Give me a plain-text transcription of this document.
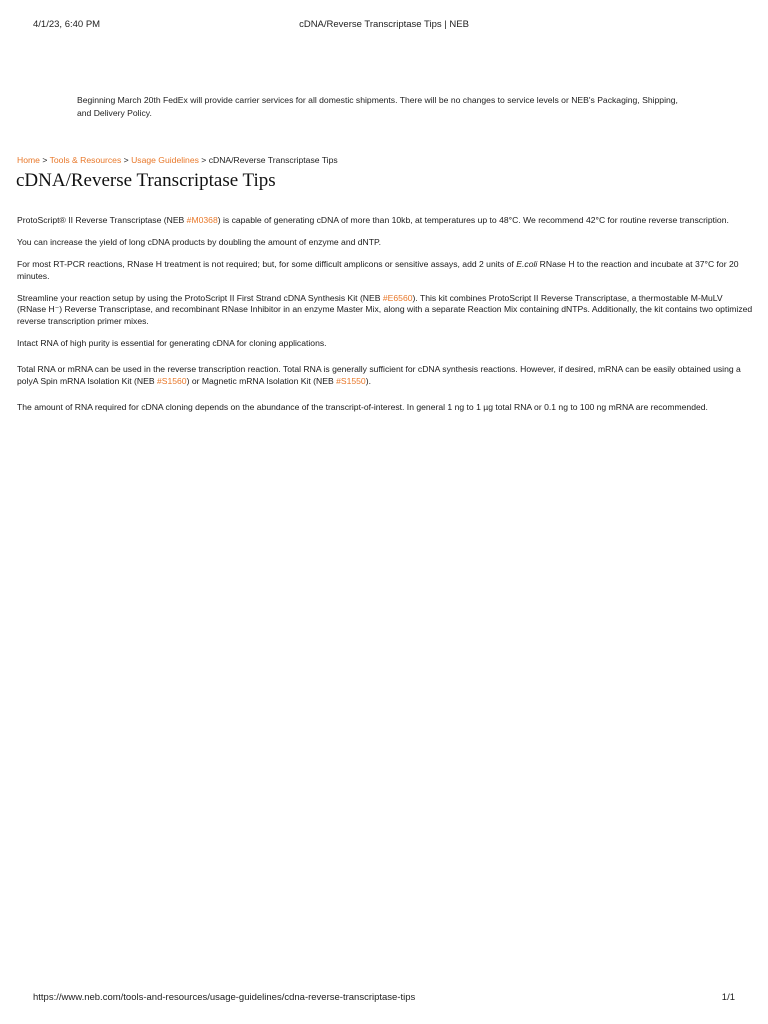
4/1/23, 6:40 PM	cDNA/Reverse Transcriptase Tips | NEB
Beginning March 20th FedEx will provide carrier services for all domestic shipments. There will be no changes to service levels or NEB's Packaging, Shipping, and Delivery Policy.
Home > Tools & Resources > Usage Guidelines > cDNA/Reverse Transcriptase Tips
cDNA/Reverse Transcriptase Tips

ProtoScript® II Reverse Transcriptase (NEB #M0368) is capable of generating cDNA of more than 10kb, at temperatures up to 48°C. We recommend 42°C for routine reverse transcription.

You can increase the yield of long cDNA products by doubling the amount of enzyme and dNTP.

For most RT-PCR reactions, RNase H treatment is not required; but, for some difficult amplicons or sensitive assays, add 2 units of E.coli RNase H to the reaction and incubate at 37°C for 20 minutes.

Streamline your reaction setup by using the ProtoScript II First Strand cDNA Synthesis Kit (NEB #E6560). This kit combines ProtoScript II Reverse Transcriptase, a thermostable M-MuLV (RNase H⁻) Reverse Transcriptase, and recombinant RNase Inhibitor in an enzyme Master Mix, along with a separate Reaction Mix containing dNTPs. Additionally, the kit contains two optimized reverse transcription primer mixes.

Intact RNA of high purity is essential for generating cDNA for cloning applications.

Total RNA or mRNA can be used in the reverse transcription reaction. Total RNA is generally sufficient for cDNA synthesis reactions. However, if desired, mRNA can be easily obtained using a polyA Spin mRNA Isolation Kit (NEB #S1560) or Magnetic mRNA Isolation Kit (NEB #S1550).

The amount of RNA required for cDNA cloning depends on the abundance of the transcript-of-interest. In general 1 ng to 1 µg total RNA or 0.1 ng to 100 ng mRNA are recommended.

https://www.neb.com/tools-and-resources/usage-guidelines/cdna-reverse-transcriptase-tips	1/1
